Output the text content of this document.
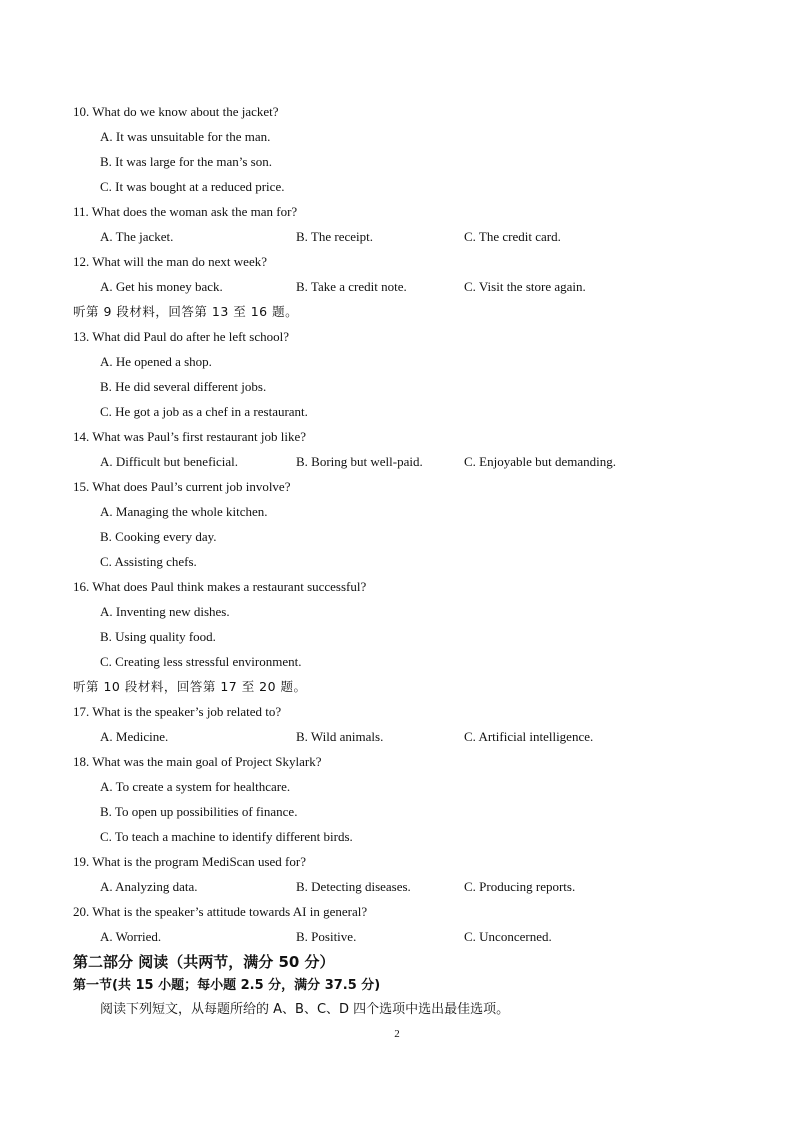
10. What do we know about the jacket?
A. It was unsuitable for the man.
B. It was large for the man’s son.
C. It was bought at a reduced price.
11. What does the woman ask the man for?
A. The jacket.	B. The receipt.	C. The credit card.
12. What will the man do next week?
A. Get his money back.	B. Take a credit note.	C. Visit the store again.
听第 9 段材料，回答第 13 至 16 题。
13. What did Paul do after he left school?
A. He opened a shop.
B. He did several different jobs.
C. He got a job as a chef in a restaurant.
14. What was Paul’s first restaurant job like?
A. Difficult but beneficial.	B. Boring but well-paid.	C. Enjoyable but demanding.
15. What does Paul’s current job involve?
A. Managing the whole kitchen.
B. Cooking every day.
C. Assisting chefs.
16. What does Paul think makes a restaurant successful?
A. Inventing new dishes.
B. Using quality food.
C. Creating less stressful environment.
听第 10 段材料，回答第 17 至 20 题。
17. What is the speaker’s job related to?
A. Medicine.	B. Wild animals.	C. Artificial intelligence.
18. What was the main goal of Project Skylark?
A. To create a system for healthcare.
B. To open up possibilities of finance.
C. To teach a machine to identify different birds.
19. What is the program MediScan used for?
A. Analyzing data.	B. Detecting diseases.	C. Producing reports.
20. What is the speaker’s attitude towards AI in general?
A. Worried.	B. Positive.	C. Unconcerned.
第二部分 阅读（共两节，满分 50 分）
第一节(共 15 小题；每小题 2.5 分，满分 37.5 分)
阅读下列短文，从每题所给的 A、B、C、D 四个选项中选出最佳选项。
2
